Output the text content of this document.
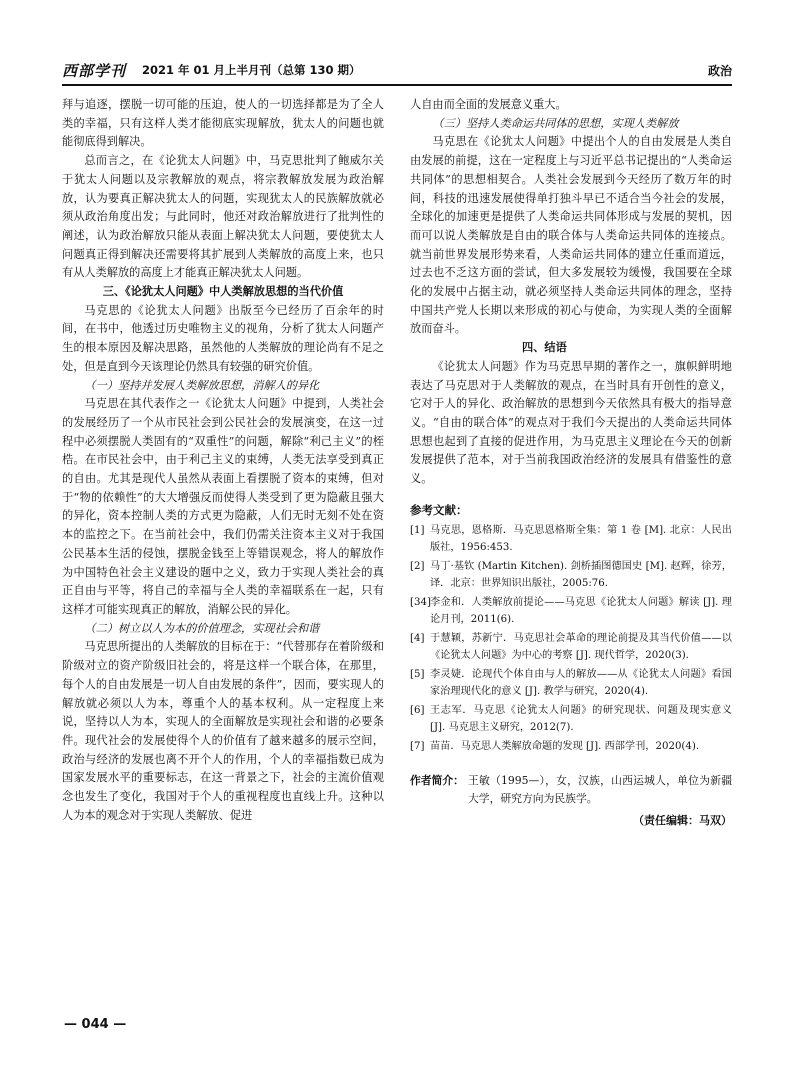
西部学刊 2021 年 01 月上半月刊（总第 130 期）	政治

拜与追逐，摆脱一切可能的压迫，使人的一切选择都是为了全人类的幸福，只有这样人类才能彻底实现解放，犹太人的问题也就能彻底得到解决。

总而言之，在《论犹太人问题》中，马克思批判了鲍威尔关于犹太人问题以及宗教解放的观点，将宗教解放发展为政治解放，认为要真正解决犹太人的问题，实现犹太人的民族解放就必须从政治角度出发；与此同时，他还对政治解放进行了批判性的阐述，认为政治解放只能从表面上解决犹太人问题，要使犹太人问题真正得到解决还需要将其扩展到人类解放的高度上来，也只有从人类解放的高度上才能真正解决犹太人问题。

三、《论犹太人问题》中人类解放思想的当代价值

马克思的《论犹太人问题》出版至今已经历了百余年的时间，在书中，他透过历史唯物主义的视角，分析了犹太人问题产生的根本原因及解决思路，虽然他的人类解放的理论尚有不足之处，但是直到今天该理论仍然具有较强的研究价值。

（一）坚持并发展人类解放思想，消解人的异化

马克思在其代表作之一《论犹太人问题》中提到，人类社会的发展经历了一个从市民社会到公民社会的发展演变，在这一过程中必须摆脱人类固有的“双重性”的问题，解除“利己主义”的桎梏。在市民社会中，由于利己主义的束缚，人类无法享受到真正的自由。尤其是现代人虽然从表面上看摆脱了资本的束缚，但对于“物的依赖性”的大大增强反而使得人类受到了更为隐蔽且强大的异化，资本控制人类的方式更为隐蔽，人们无时无刻不处在资本的监控之下。在当前社会中，我们仍需关注资本主义对于我国公民基本生活的侵蚀，摆脱金钱至上等错误观念，将人的解放作为中国特色社会主义建设的题中之义，致力于实现人类社会的真正自由与平等，将自己的幸福与全人类的幸福联系在一起，只有这样才可能实现真正的解放，消解公民的异化。

（二）树立以人为本的价值理念，实现社会和谐

马克思所提出的人类解放的目标在于：“代替那存在着阶级和阶级对立的资产阶级旧社会的，将是这样一个联合体，在那里，每个人的自由发展是一切人自由发展的条件”，因而，要实现人的解放就必须以人为本，尊重个人的基本权利。从一定程度上来说，坚持以人为本，实现人的全面解放是实现社会和谐的必要条件。现代社会的发展使得个人的价值有了越来越多的展示空间，政治与经济的发展也离不开个人的作用，个人的幸福指数已成为国家发展水平的重要标志，在这一背景之下，社会的主流价值观念也发生了变化，我国对于个人的重视程度也直线上升。这种以人为本的观念对于实现人类解放、促进

人自由而全面的发展意义重大。

（三）坚持人类命运共同体的思想，实现人类解放

马克思在《论犹太人问题》中提出个人的自由发展是人类自由发展的前提，这在一定程度上与习近平总书记提出的“人类命运共同体”的思想相契合。人类社会发展到今天经历了数万年的时间，科技的迅速发展使得单打独斗早已不适合当今社会的发展，全球化的加速更是提供了人类命运共同体形成与发展的契机，因而可以说人类解放是自由的联合体与人类命运共同体的连接点。就当前世界发展形势来看，人类命运共同体的建立任重而道远，过去也不乏这方面的尝试，但大多发展较为缓慢，我国要在全球化的发展中占据主动，就必须坚持人类命运共同体的理念，坚持中国共产党人长期以来形成的初心与使命，为实现人类的全面解放而奋斗。

四、结语

《论犹太人问题》作为马克思早期的著作之一，旗帜鲜明地表达了马克思对于人类解放的观点，在当时具有开创性的意义，它对于人的异化、政治解放的思想到今天依然具有极大的指导意义。“自由的联合体”的观点对于我们今天提出的人类命运共同体思想也起到了直接的促进作用，为马克思主义理论在今天的创新发展提供了范本，对于当前我国政治经济的发展具有借鉴性的意义。

参考文献：
[1] 马克思，恩格斯．马克思恩格斯全集：第 1 卷 [M]. 北京：人民出版社，1956:453.
[2] 马丁·基钦 (Martin Kitchen). 剑桥插图德国史 [M]. 赵辉，徐芳，译．北京：世界知识出版社，2005:76.
[34] 李金和．人类解放前提论——马克思《论犹太人问题》解读 [J]. 理论月刊，2011(6).
[4] 于慧颖，苏新宁．马克思社会革命的理论前提及其当代价值——以《论犹太人问题》为中心的考察 [J]. 现代哲学，2020(3).
[5] 李灵婕．论现代个体自由与人的解放——从《论犹太人问题》看国家治理现代化的意义 [J]. 教学与研究，2020(4).
[6] 王志军．马克思《论犹太人问题》的研究现状、问题及现实意义 [J]. 马克思主义研究，2012(7).
[7] 苗苗．马克思人类解放命题的发现 [J]. 西部学刊，2020(4).
作者简介： 王敏（1995—），女，汉族，山西运城人，单位为新疆大学，研究方向为民族学。
（责任编辑：马双）
— 044 —
